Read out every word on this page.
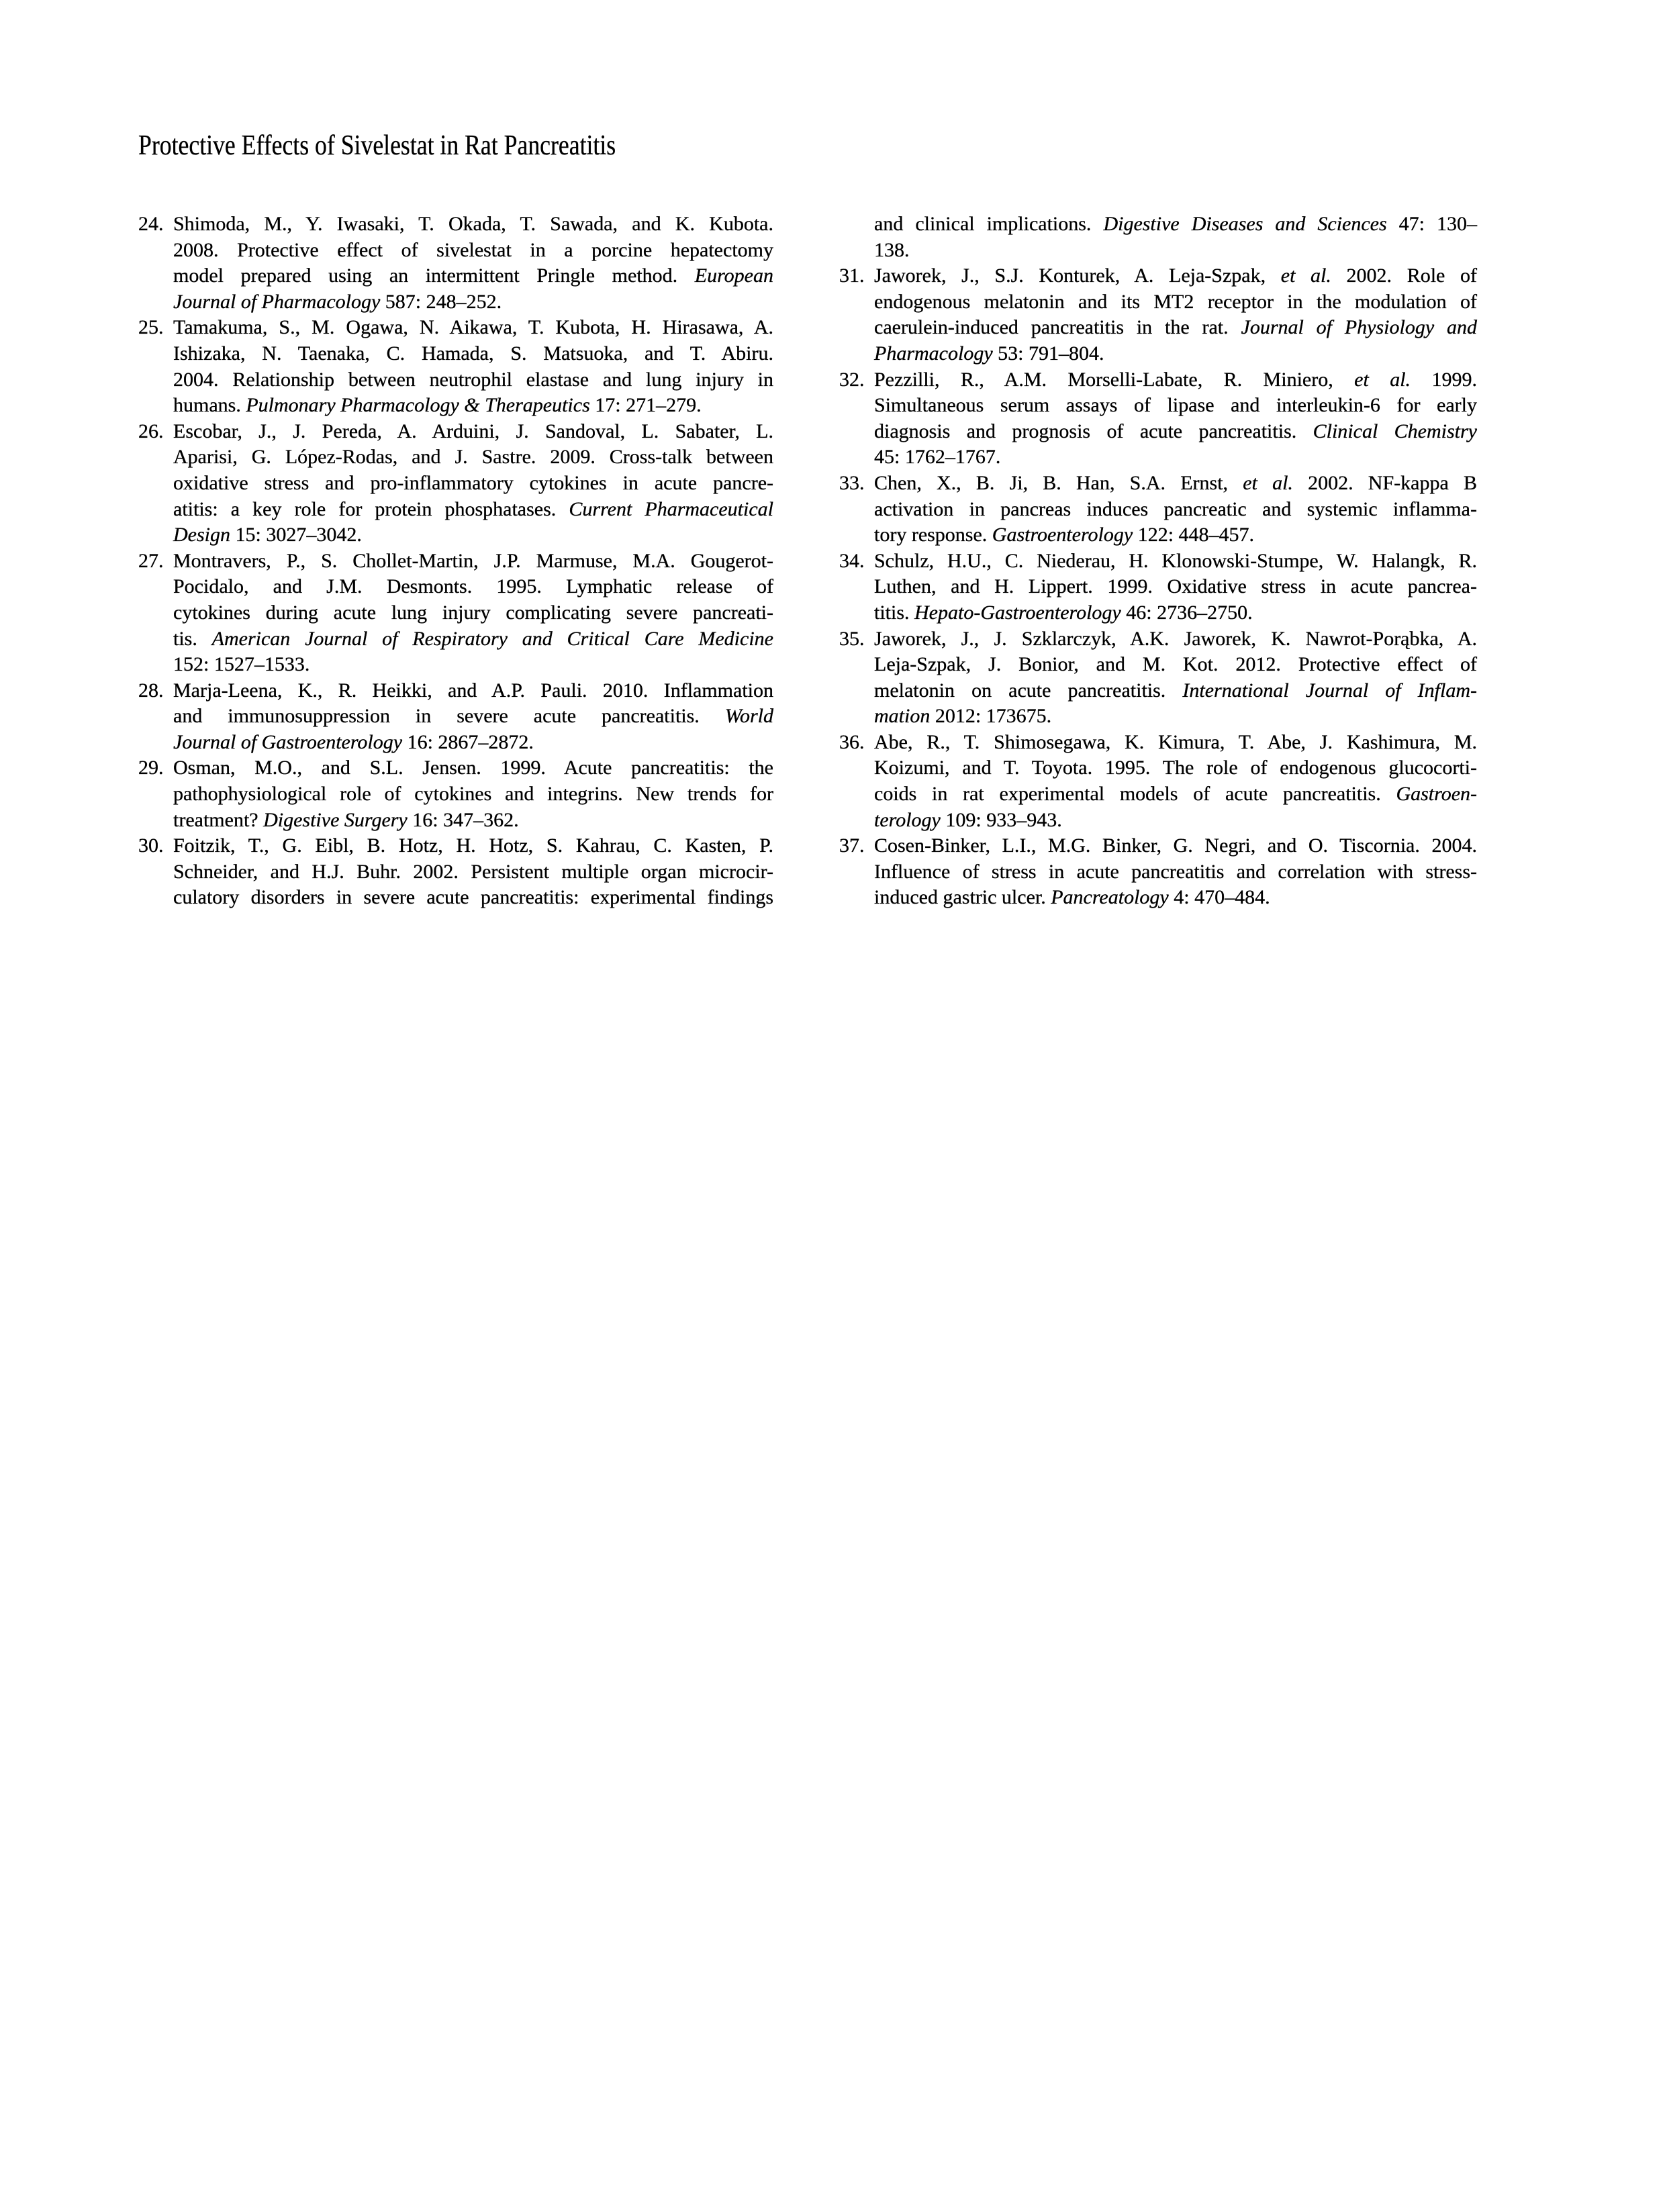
Protective Effects of Sivelestat in Rat Pancreatitis
24. Shimoda, M., Y. Iwasaki, T. Okada, T. Sawada, and K. Kubota.
2008. Protective effect of sivelestat in a porcine hepatectomy
model prepared using an intermittent Pringle method. European
Journal of Pharmacology 587: 248–252.
25. Tamakuma, S., M. Ogawa, N. Aikawa, T. Kubota, H. Hirasawa, A.
Ishizaka, N. Taenaka, C. Hamada, S. Matsuoka, and T. Abiru.
2004. Relationship between neutrophil elastase and lung injury in
humans. Pulmonary Pharmacology & Therapeutics 17: 271–279.
26. Escobar, J., J. Pereda, A. Arduini, J. Sandoval, L. Sabater, L.
Aparisi, G. López-Rodas, and J. Sastre. 2009. Cross-talk between
oxidative stress and pro-inflammatory cytokines in acute pancre-
atitis: a key role for protein phosphatases. Current Pharmaceutical
Design 15: 3027–3042.
27. Montravers, P., S. Chollet-Martin, J.P. Marmuse, M.A. Gougerot-
Pocidalo, and J.M. Desmonts. 1995. Lymphatic release of
cytokines during acute lung injury complicating severe pancreati-
tis. American Journal of Respiratory and Critical Care Medicine
152: 1527–1533.
28. Marja-Leena, K., R. Heikki, and A.P. Pauli. 2010. Inflammation
and immunosuppression in severe acute pancreatitis. World
Journal of Gastroenterology 16: 2867–2872.
29. Osman, M.O., and S.L. Jensen. 1999. Acute pancreatitis: the
pathophysiological role of cytokines and integrins. New trends for
treatment? Digestive Surgery 16: 347–362.
30. Foitzik, T., G. Eibl, B. Hotz, H. Hotz, S. Kahrau, C. Kasten, P.
Schneider, and H.J. Buhr. 2002. Persistent multiple organ microcir-
culatory disorders in severe acute pancreatitis: experimental findings
and clinical implications. Digestive Diseases and Sciences 47: 130–
138.
31. Jaworek, J., S.J. Konturek, A. Leja-Szpak, et al. 2002. Role of
endogenous melatonin and its MT2 receptor in the modulation of
caerulein-induced pancreatitis in the rat. Journal of Physiology and
Pharmacology 53: 791–804.
32. Pezzilli, R., A.M. Morselli-Labate, R. Miniero, et al. 1999.
Simultaneous serum assays of lipase and interleukin-6 for early
diagnosis and prognosis of acute pancreatitis. Clinical Chemistry
45: 1762–1767.
33. Chen, X., B. Ji, B. Han, S.A. Ernst, et al. 2002. NF-kappa B
activation in pancreas induces pancreatic and systemic inflamma-
tory response. Gastroenterology 122: 448–457.
34. Schulz, H.U., C. Niederau, H. Klonowski-Stumpe, W. Halangk, R.
Luthen, and H. Lippert. 1999. Oxidative stress in acute pancrea-
titis. Hepato-Gastroenterology 46: 2736–2750.
35. Jaworek, J., J. Szklarczyk, A.K. Jaworek, K. Nawrot-Porąbka, A.
Leja-Szpak, J. Bonior, and M. Kot. 2012. Protective effect of
melatonin on acute pancreatitis. International Journal of Inflam-
mation 2012: 173675.
36. Abe, R., T. Shimosegawa, K. Kimura, T. Abe, J. Kashimura, M.
Koizumi, and T. Toyota. 1995. The role of endogenous glucocorti-
coids in rat experimental models of acute pancreatitis. Gastroen-
terology 109: 933–943.
37. Cosen-Binker, L.I., M.G. Binker, G. Negri, and O. Tiscornia. 2004.
Influence of stress in acute pancreatitis and correlation with stress-
induced gastric ulcer. Pancreatology 4: 470–484.
